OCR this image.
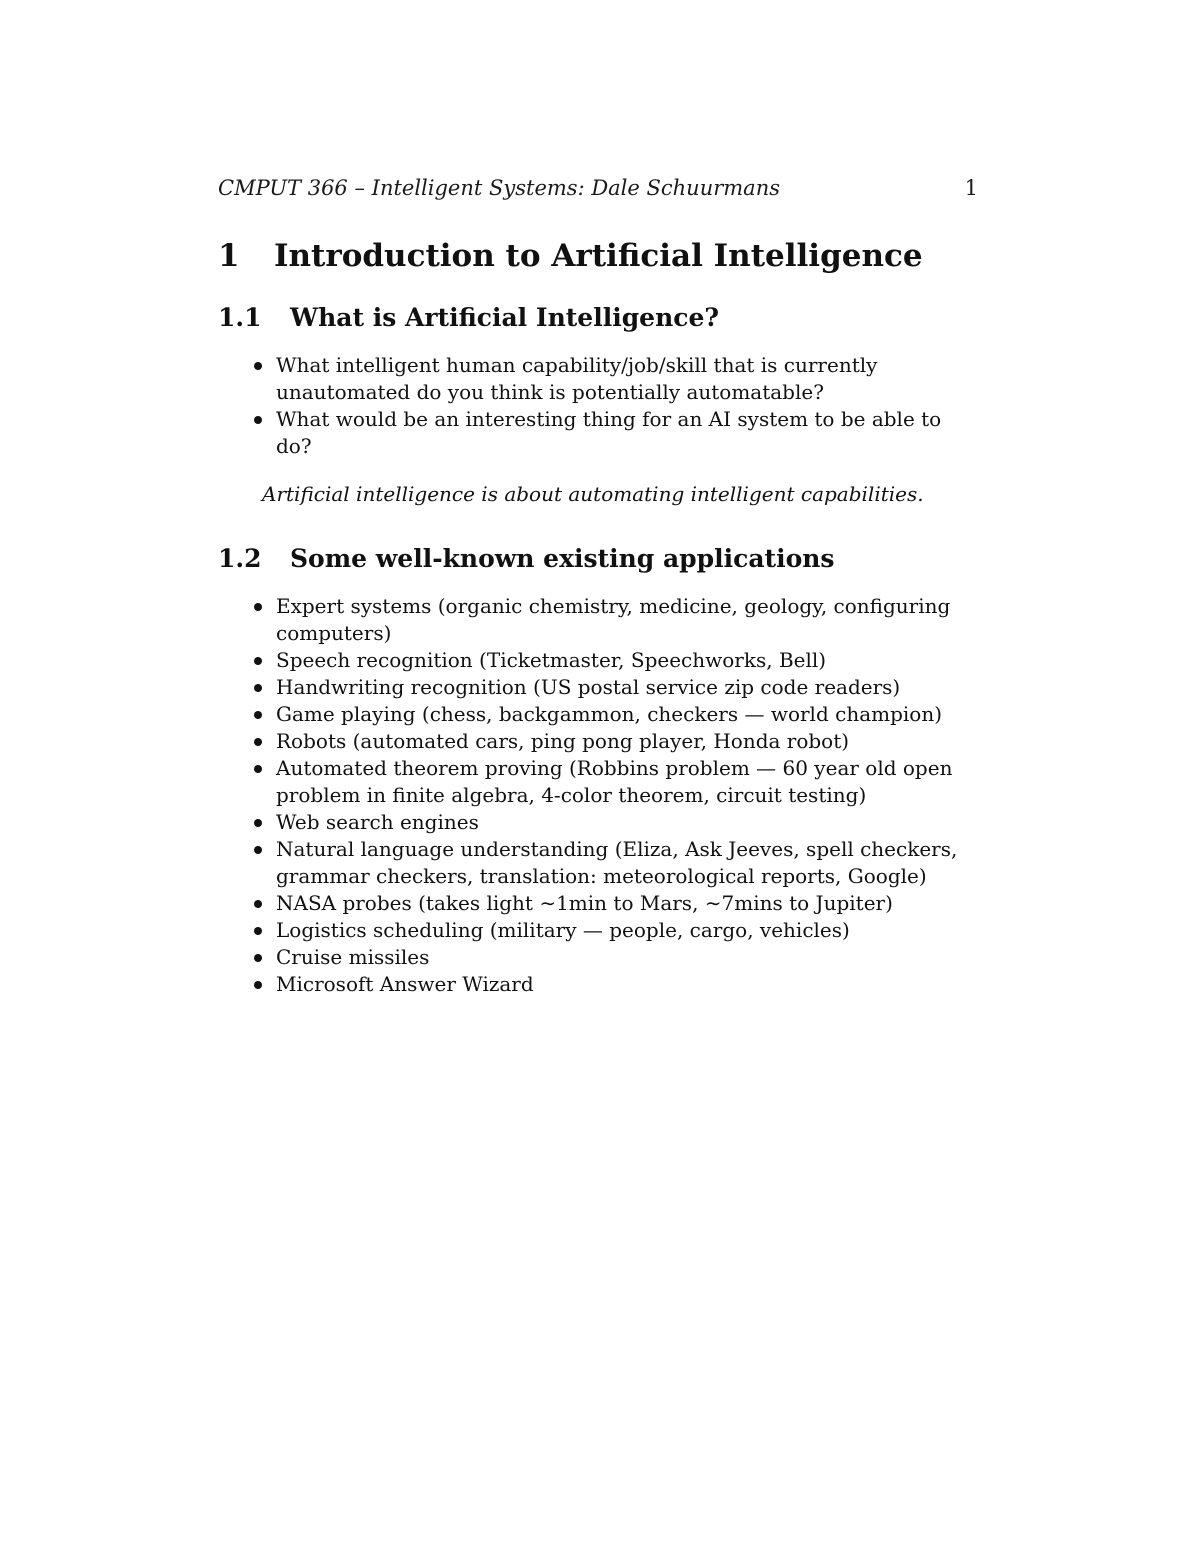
CMPUT 366 – Intelligent Systems: Dale Schuurmans	1
1 Introduction to Artificial Intelligence
1.1 What is Artificial Intelligence?
What intelligent human capability/job/skill that is currently unautomated do you think is potentially automatable?
What would be an interesting thing for an AI system to be able to do?
Artificial intelligence is about automating intelligent capabilities.
1.2 Some well-known existing applications
Expert systems (organic chemistry, medicine, geology, configuring computers)
Speech recognition (Ticketmaster, Speechworks, Bell)
Handwriting recognition (US postal service zip code readers)
Game playing (chess, backgammon, checkers — world champion)
Robots (automated cars, ping pong player, Honda robot)
Automated theorem proving (Robbins problem — 60 year old open problem in finite algebra, 4-color theorem, circuit testing)
Web search engines
Natural language understanding (Eliza, Ask Jeeves, spell checkers, grammar checkers, translation: meteorological reports, Google)
NASA probes (takes light ∼1min to Mars, ∼7mins to Jupiter)
Logistics scheduling (military — people, cargo, vehicles)
Cruise missiles
Microsoft Answer Wizard
